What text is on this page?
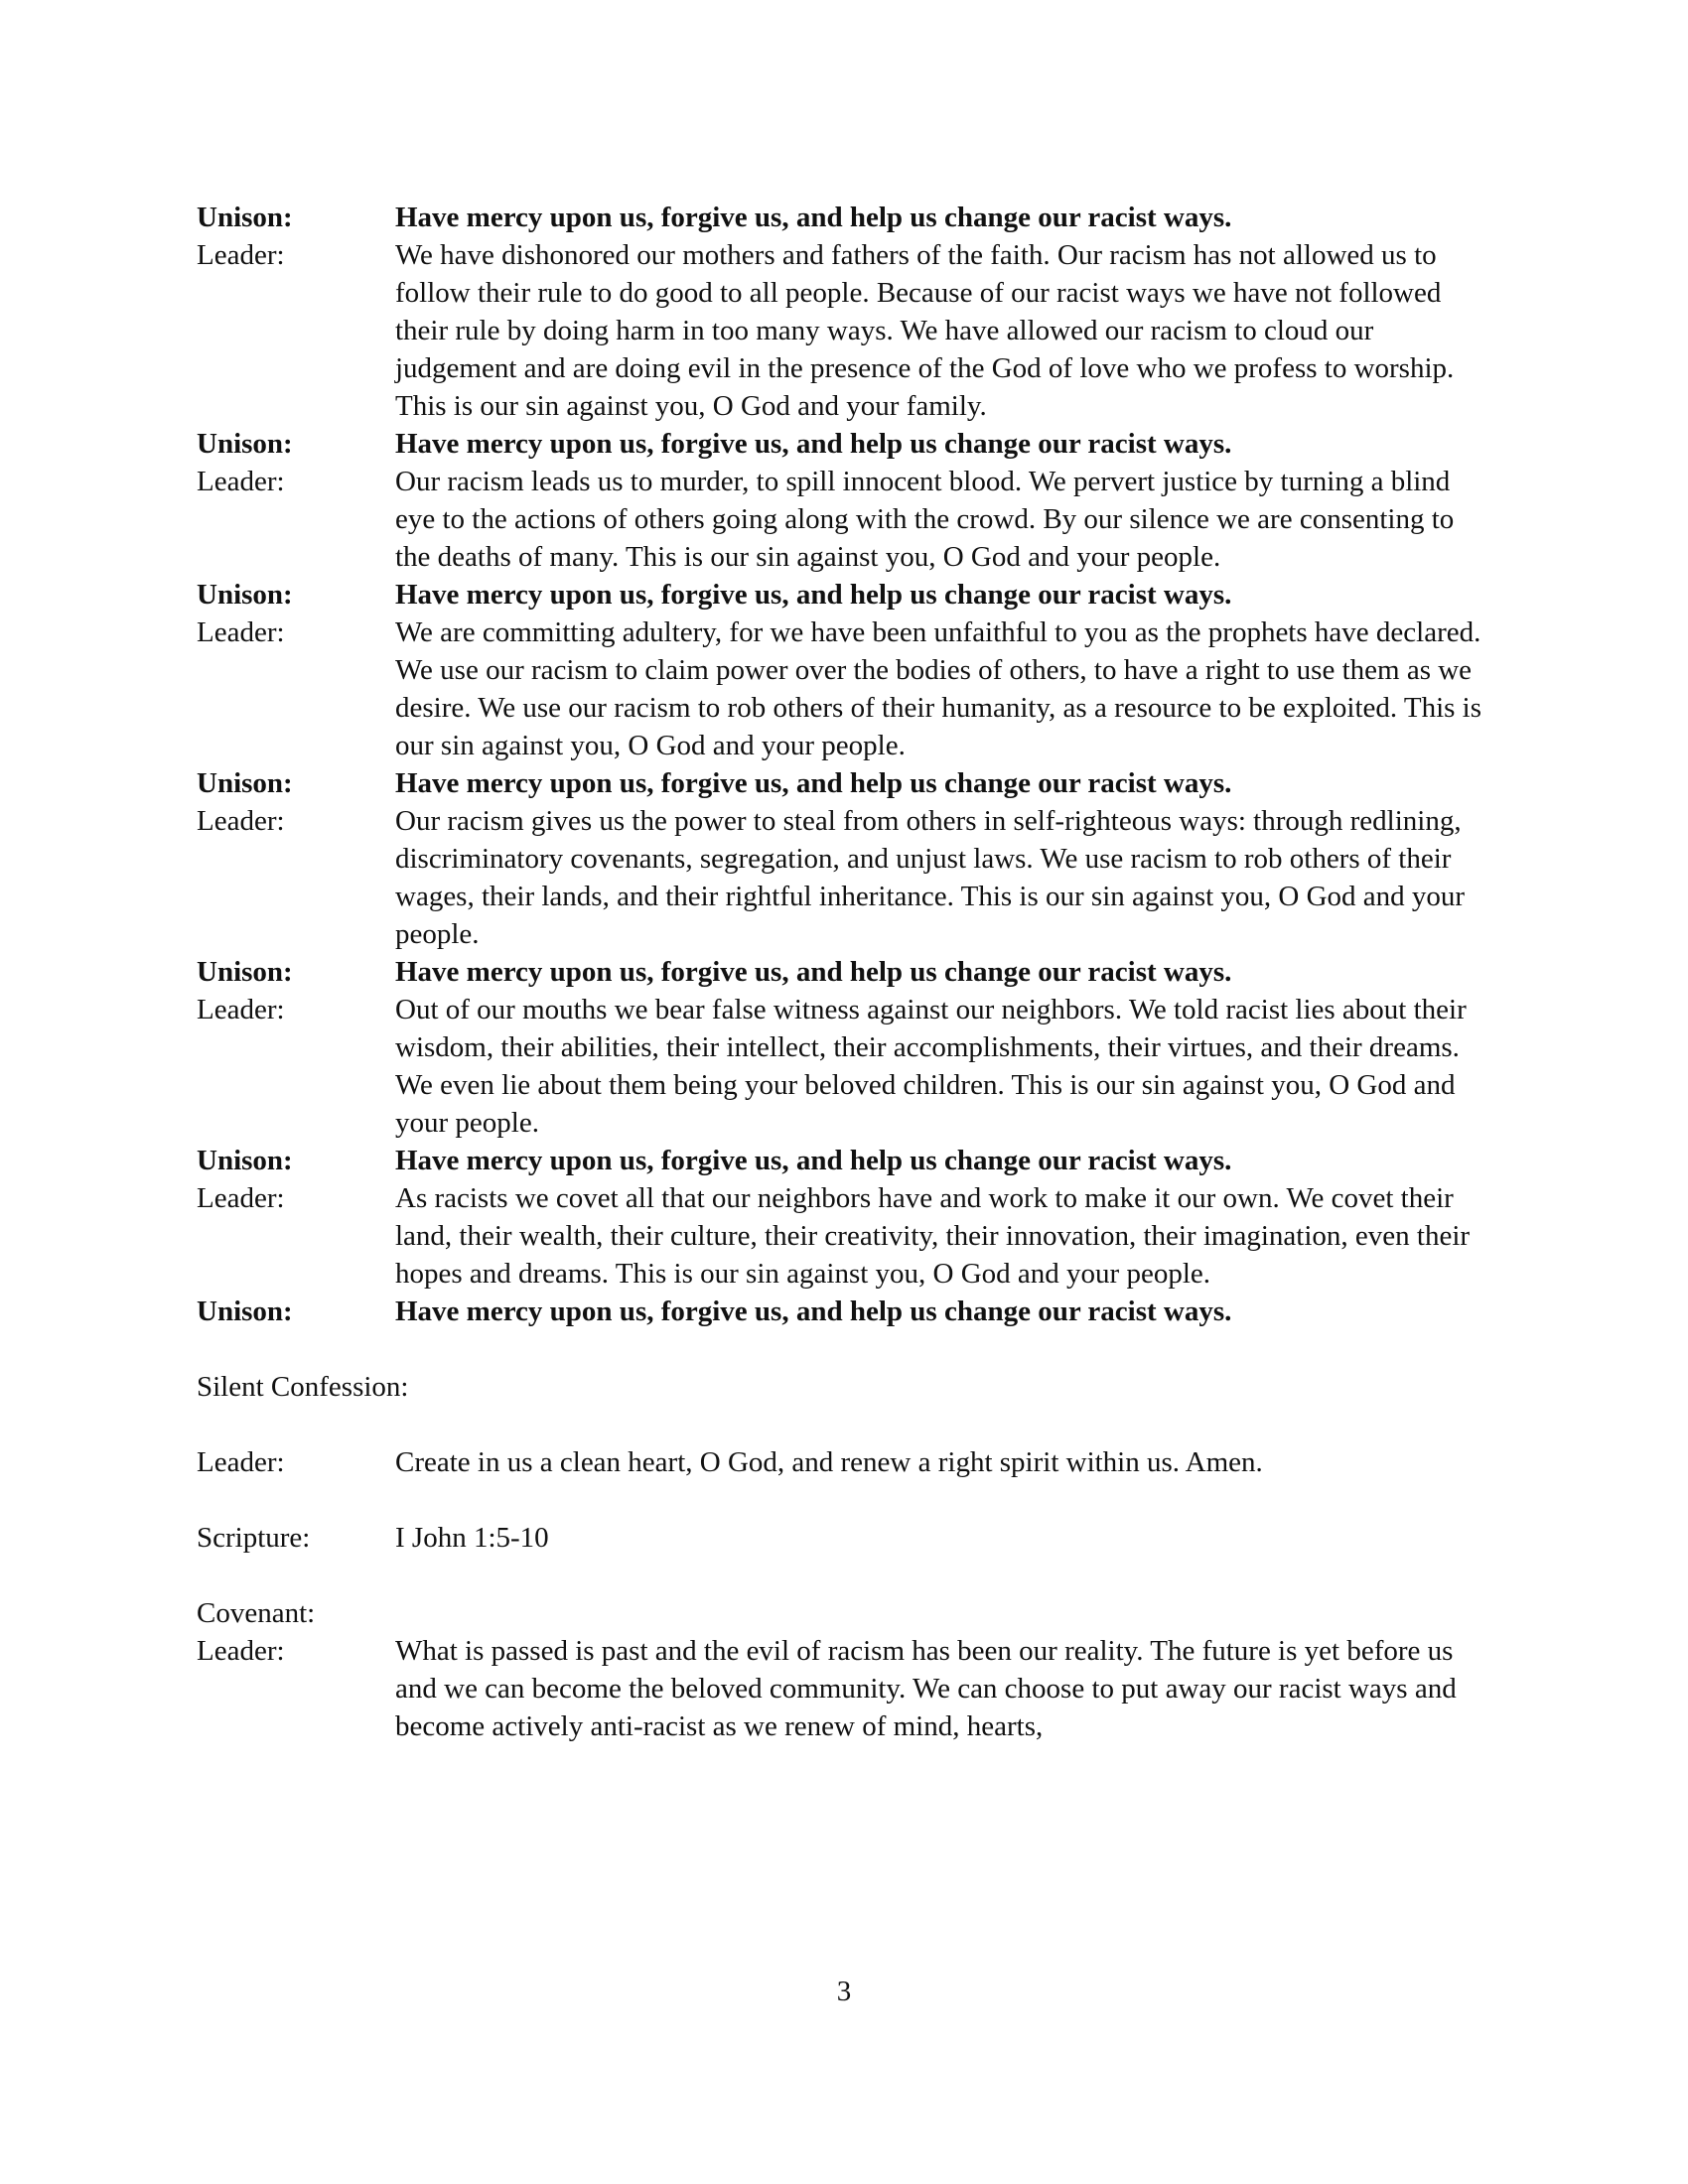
Unison:	Have mercy upon us, forgive us, and help us change our racist ways.
Leader:	We have dishonored our mothers and fathers of the faith. Our racism has not allowed us to follow their rule to do good to all people. Because of our racist ways we have not followed their rule by doing harm in too many ways. We have allowed our racism to cloud our judgement and are doing evil in the presence of the God of love who we profess to worship. This is our sin against you, O God and your family.
Unison:	Have mercy upon us, forgive us, and help us change our racist ways.
Leader:	Our racism leads us to murder, to spill innocent blood. We pervert justice by turning a blind eye to the actions of others going along with the crowd. By our silence we are consenting to the deaths of many. This is our sin against you, O God and your people.
Unison:	Have mercy upon us, forgive us, and help us change our racist ways.
Leader:	We are committing adultery, for we have been unfaithful to you as the prophets have declared. We use our racism to claim power over the bodies of others, to have a right to use them as we desire. We use our racism to rob others of their humanity, as a resource to be exploited. This is our sin against you, O God and your people.
Unison:	Have mercy upon us, forgive us, and help us change our racist ways.
Leader:	Our racism gives us the power to steal from others in self-righteous ways: through redlining, discriminatory covenants, segregation, and unjust laws. We use racism to rob others of their wages, their lands, and their rightful inheritance. This is our sin against you, O God and your people.
Unison:	Have mercy upon us, forgive us, and help us change our racist ways.
Leader:	Out of our mouths we bear false witness against our neighbors. We told racist lies about their wisdom, their abilities, their intellect, their accomplishments, their virtues, and their dreams. We even lie about them being your beloved children. This is our sin against you, O God and your people.
Unison:	Have mercy upon us, forgive us, and help us change our racist ways.
Leader:	As racists we covet all that our neighbors have and work to make it our own. We covet their land, their wealth, their culture, their creativity, their innovation, their imagination, even their hopes and dreams. This is our sin against you, O God and your people.
Unison:	Have mercy upon us, forgive us, and help us change our racist ways.
Silent Confession:
Leader:	Create in us a clean heart, O God, and renew a right spirit within us. Amen.
Scripture:	I John 1:5-10
Covenant:
Leader:	What is passed is past and the evil of racism has been our reality. The future is yet before us and we can become the beloved community. We can choose to put away our racist ways and become actively anti-racist as we renew of mind, hearts,
3
